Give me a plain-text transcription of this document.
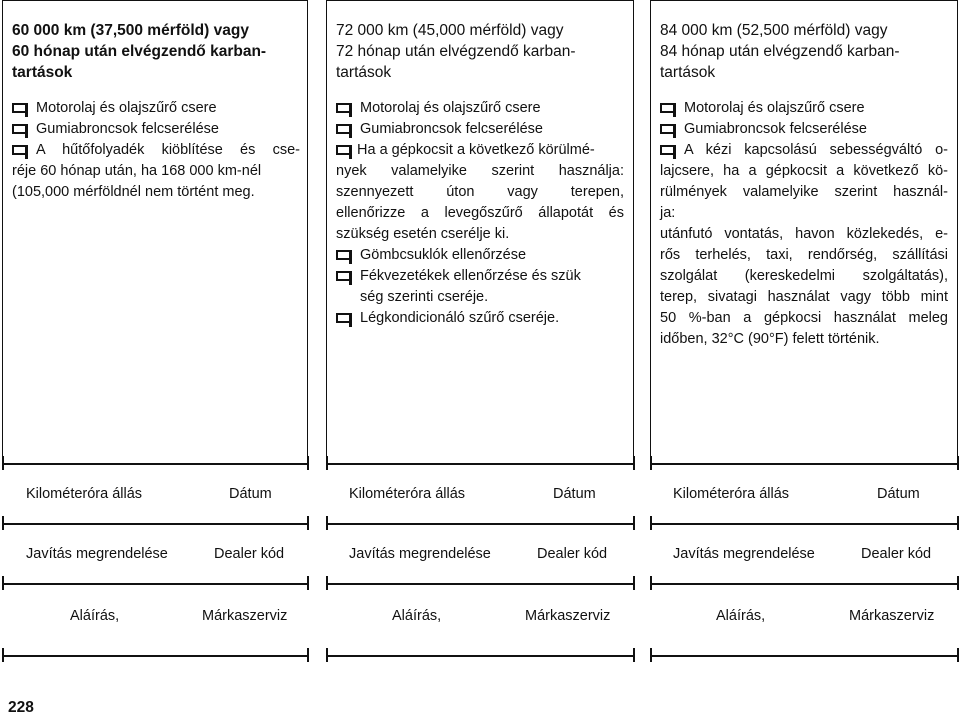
60 000 km (37,500 mérföld) vagy
60 hónap után elvégzendő karban-
tartások
Motorolaj és olajszűrő csere
Gumiabroncsok felcserélése
A hűtőfolyadék kiöblítése és cse-
réje 60 hónap után, ha 168 000 km-nél
(105,000 mérföldnél nem történt meg.
72 000 km (45,000 mérföld) vagy
72 hónap után elvégzendő karban-
tartások
Motorolaj és olajszűrő csere
Gumiabroncsok felcserélése
Ha a gépkocsit a következő körülmé-
nyek valamelyike szerint használja:
szennyezett úton vagy terepen,
ellenőrizze a levegőszűrő állapotát és
szükség esetén cserélje ki.
Gömbcsuklók ellenőrzése
Fékvezetékek ellenőrzése és szük
ség szerinti cseréje.
Légkondicionáló szűrő cseréje.
84 000 km (52,500 mérföld) vagy
84 hónap után elvégzendő karban-
tartások
Motorolaj és olajszűrő csere
Gumiabroncsok felcserélése
A kézi kapcsolású sebességváltó o-
lajcsere, ha a gépkocsit a következő kö-
rülmények valamelyike szerint használ-
ja:
utánfutó vontatás, havon közlekedés, e-
rős terhelés, taxi, rendőrség, szállítási
szolgálat (kereskedelmi szolgáltatás),
terep, sivatagi használat vagy több mint
50 %-ban a gépkocsi használat meleg
időben, 32°C (90°F) felett történik.
Kilométeróra állás	Dátum
Javítás megrendelése	Dealer kód
Aláírás,	Márkaszerviz
Kilométeróra állás	Dátum
Javítás megrendelése	Dealer kód
Aláírás,	Márkaszerviz
Kilométeróra állás	Dátum
Javítás megrendelése	Dealer kód
Aláírás,	Márkaszerviz
228
